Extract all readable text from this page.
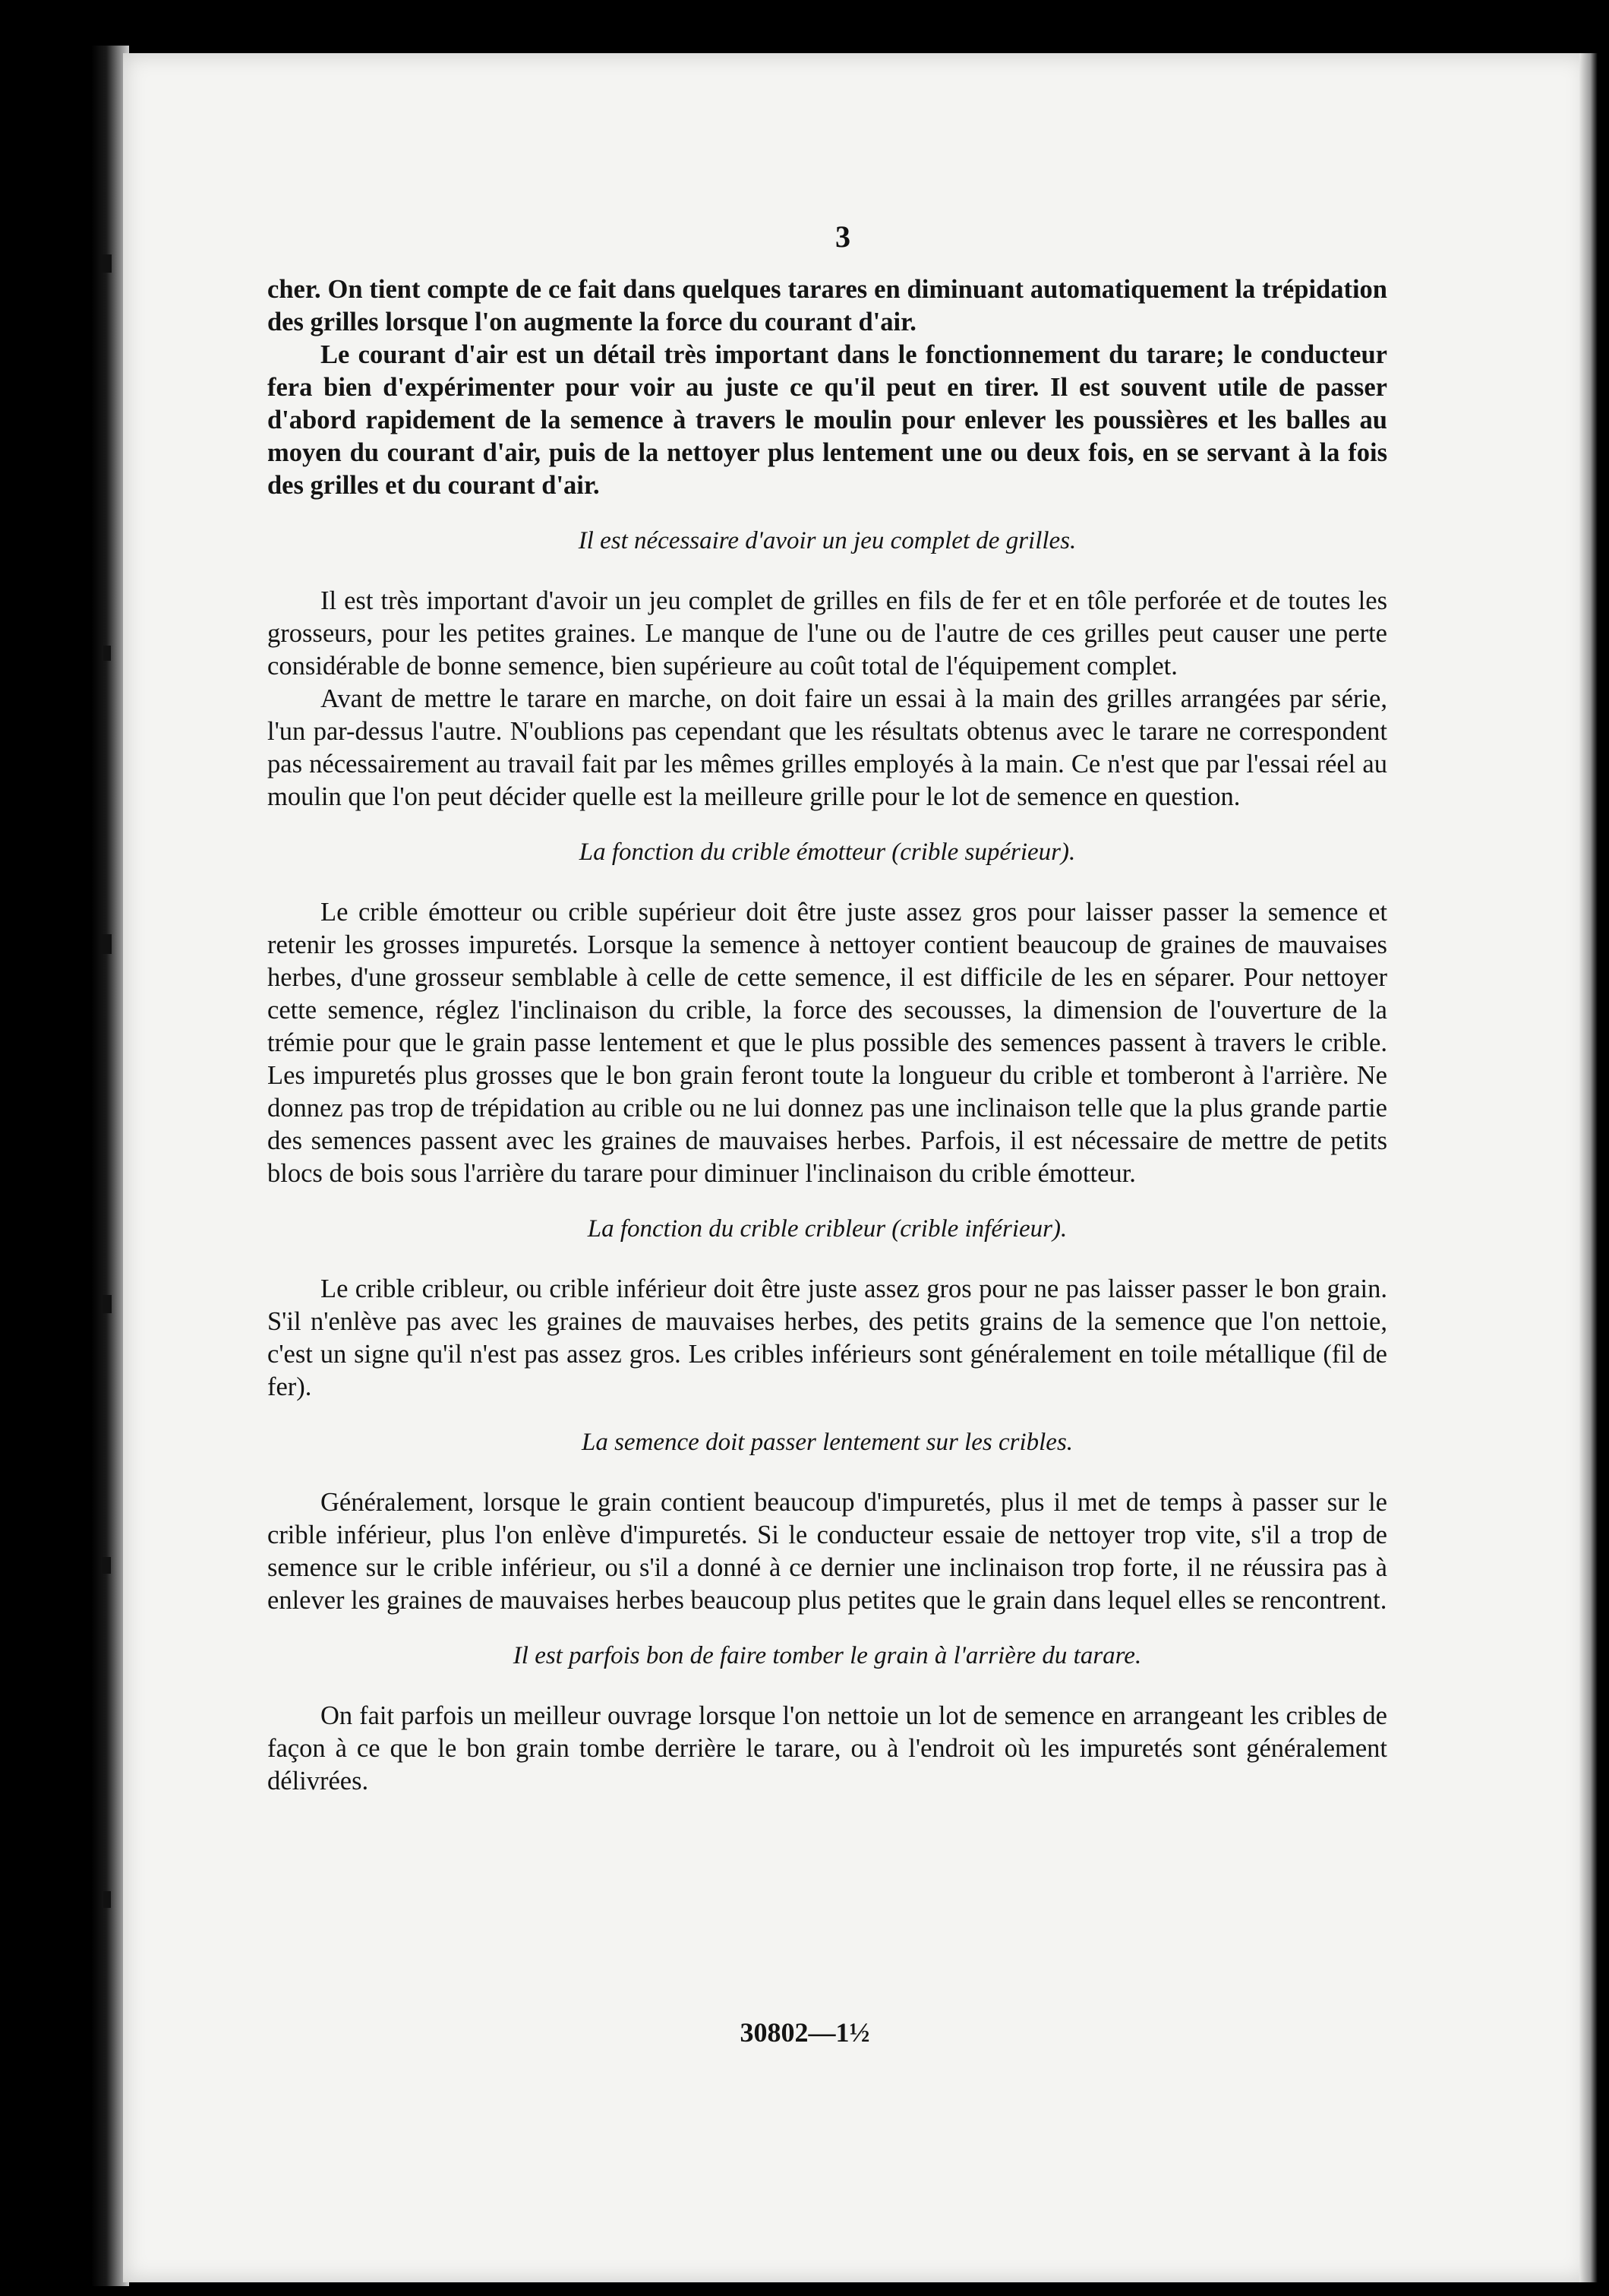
3

cher. On tient compte de ce fait dans quelques tarares en diminuant automatiquement la trépidation des grilles lorsque l'on augmente la force du courant d'air.

Le courant d'air est un détail très important dans le fonctionnement du tarare; le conducteur fera bien d'expérimenter pour voir au juste ce qu'il peut en tirer. Il est souvent utile de passer d'abord rapidement de la semence à travers le moulin pour enlever les poussières et les balles au moyen du courant d'air, puis de la nettoyer plus lentement une ou deux fois, en se servant à la fois des grilles et du courant d'air.

Il est nécessaire d'avoir un jeu complet de grilles.

Il est très important d'avoir un jeu complet de grilles en fils de fer et en tôle perforée et de toutes les grosseurs, pour les petites graines. Le manque de l'une ou de l'autre de ces grilles peut causer une perte considérable de bonne semence, bien supérieure au coût total de l'équipement complet.

Avant de mettre le tarare en marche, on doit faire un essai à la main des grilles arrangées par série, l'un par-dessus l'autre. N'oublions pas cependant que les résultats obtenus avec le tarare ne correspondent pas nécessairement au travail fait par les mêmes grilles employés à la main. Ce n'est que par l'essai réel au moulin que l'on peut décider quelle est la meilleure grille pour le lot de semence en question.

La fonction du crible émotteur (crible supérieur).

Le crible émotteur ou crible supérieur doit être juste assez gros pour laisser passer la semence et retenir les grosses impuretés. Lorsque la semence à nettoyer contient beaucoup de graines de mauvaises herbes, d'une grosseur semblable à celle de cette semence, il est difficile de les en séparer. Pour nettoyer cette semence, réglez l'inclinaison du crible, la force des secousses, la dimension de l'ouverture de la trémie pour que le grain passe lentement et que le plus possible des semences passent à travers le crible. Les impuretés plus grosses que le bon grain feront toute la longueur du crible et tomberont à l'arrière. Ne donnez pas trop de trépidation au crible ou ne lui donnez pas une inclinaison telle que la plus grande partie des semences passent avec les graines de mauvaises herbes. Parfois, il est nécessaire de mettre de petits blocs de bois sous l'arrière du tarare pour diminuer l'inclinaison du crible émotteur.

La fonction du crible cribleur (crible inférieur).

Le crible cribleur, ou crible inférieur doit être juste assez gros pour ne pas laisser passer le bon grain. S'il n'enlève pas avec les graines de mauvaises herbes, des petits grains de la semence que l'on nettoie, c'est un signe qu'il n'est pas assez gros. Les cribles inférieurs sont généralement en toile métallique (fil de fer).

La semence doit passer lentement sur les cribles.

Généralement, lorsque le grain contient beaucoup d'impuretés, plus il met de temps à passer sur le crible inférieur, plus l'on enlève d'impuretés. Si le conducteur essaie de nettoyer trop vite, s'il a trop de semence sur le crible inférieur, ou s'il a donné à ce dernier une inclinaison trop forte, il ne réussira pas à enlever les graines de mauvaises herbes beaucoup plus petites que le grain dans lequel elles se rencontrent.

Il est parfois bon de faire tomber le grain à l'arrière du tarare.

On fait parfois un meilleur ouvrage lorsque l'on nettoie un lot de semence en arrangeant les cribles de façon à ce que le bon grain tombe derrière le tarare, ou à l'endroit où les impuretés sont généralement délivrées.

30802—1½
